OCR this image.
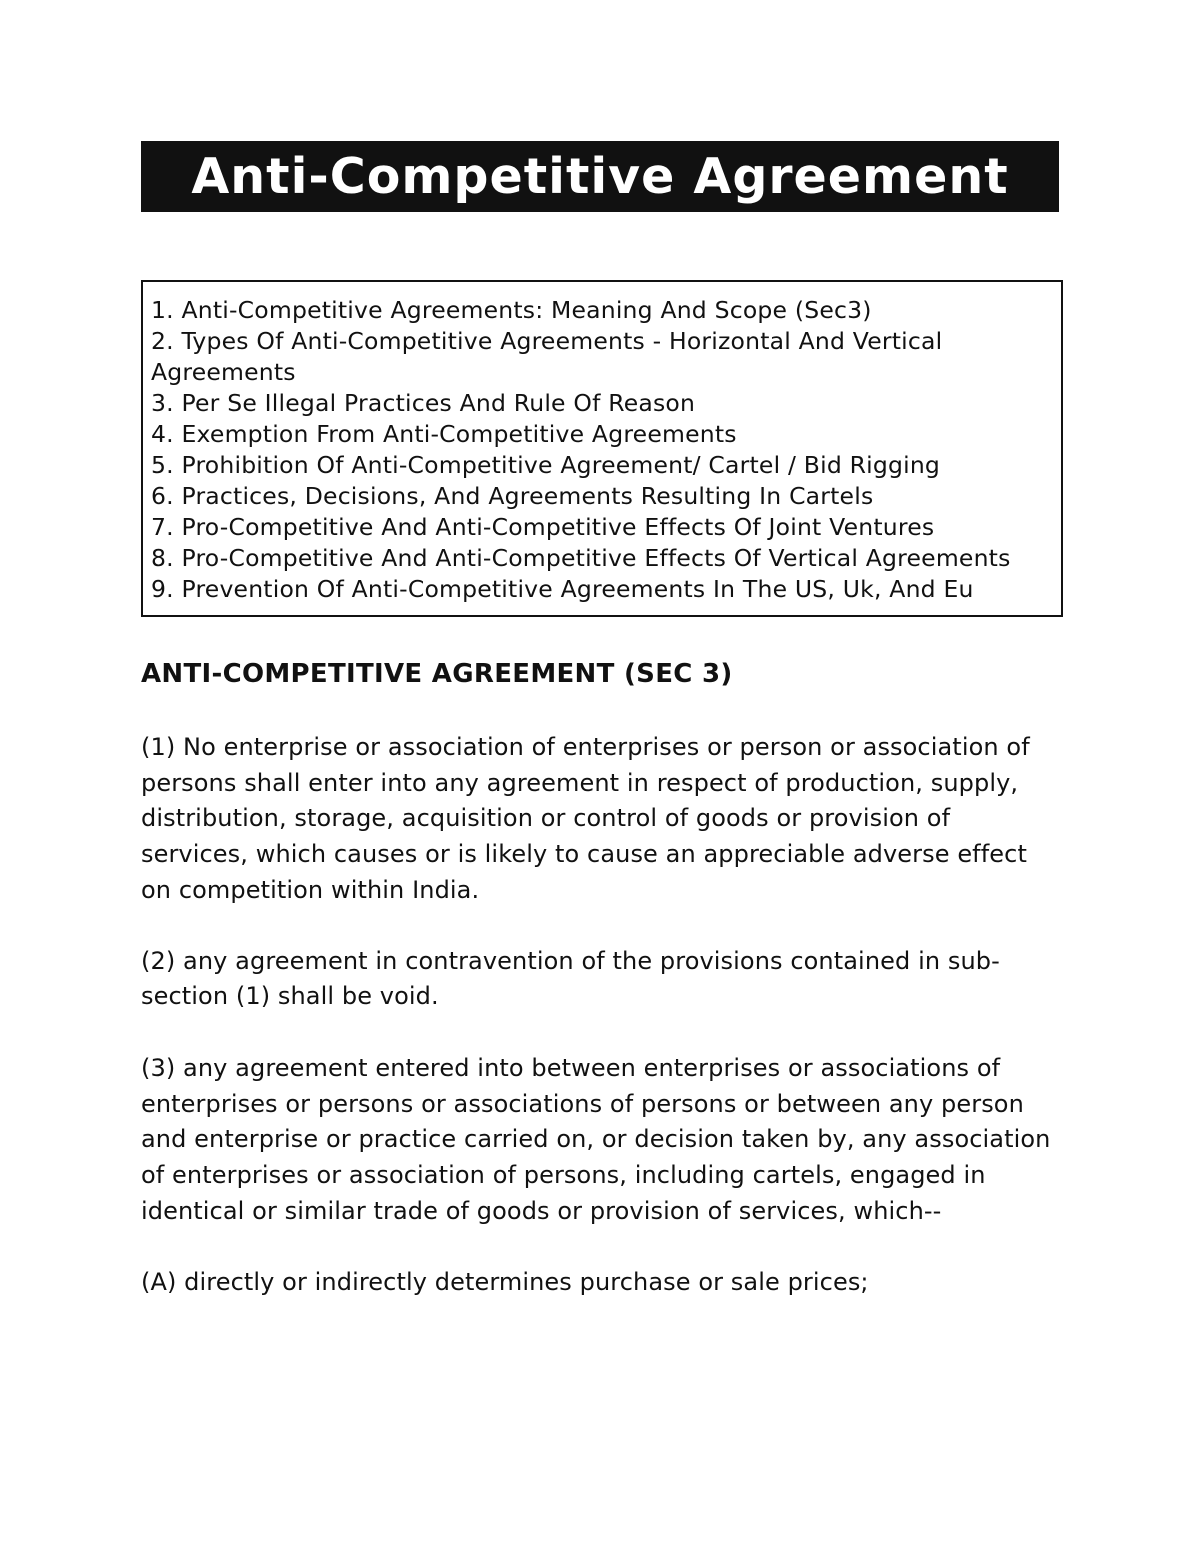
Anti-Competitive Agreement
1. Anti-Competitive Agreements: Meaning And Scope (Sec3)
2. Types Of Anti-Competitive Agreements - Horizontal And Vertical Agreements
3. Per Se Illegal Practices And Rule Of Reason
4. Exemption From Anti-Competitive Agreements
5. Prohibition Of Anti-Competitive Agreement/ Cartel / Bid Rigging
6. Practices, Decisions, And Agreements Resulting In Cartels
7. Pro-Competitive And Anti-Competitive Effects Of Joint Ventures
8. Pro-Competitive And Anti-Competitive Effects Of Vertical Agreements
9. Prevention Of Anti-Competitive Agreements In The US, Uk, And Eu
ANTI-COMPETITIVE AGREEMENT (SEC 3)
(1) No enterprise or association of enterprises or person or association of persons shall enter into any agreement in respect of production, supply, distribution, storage, acquisition or control of goods or provision of services, which causes or is likely to cause an appreciable adverse effect on competition within India.
(2) any agreement in contravention of the provisions contained in sub-section (1) shall be void.
(3) any agreement entered into between enterprises or associations of enterprises or persons or associations of persons or between any person and enterprise or practice carried on, or decision taken by, any association of enterprises or association of persons, including cartels, engaged in identical or similar trade of goods or provision of services, which--
(A) directly or indirectly determines purchase or sale prices;
